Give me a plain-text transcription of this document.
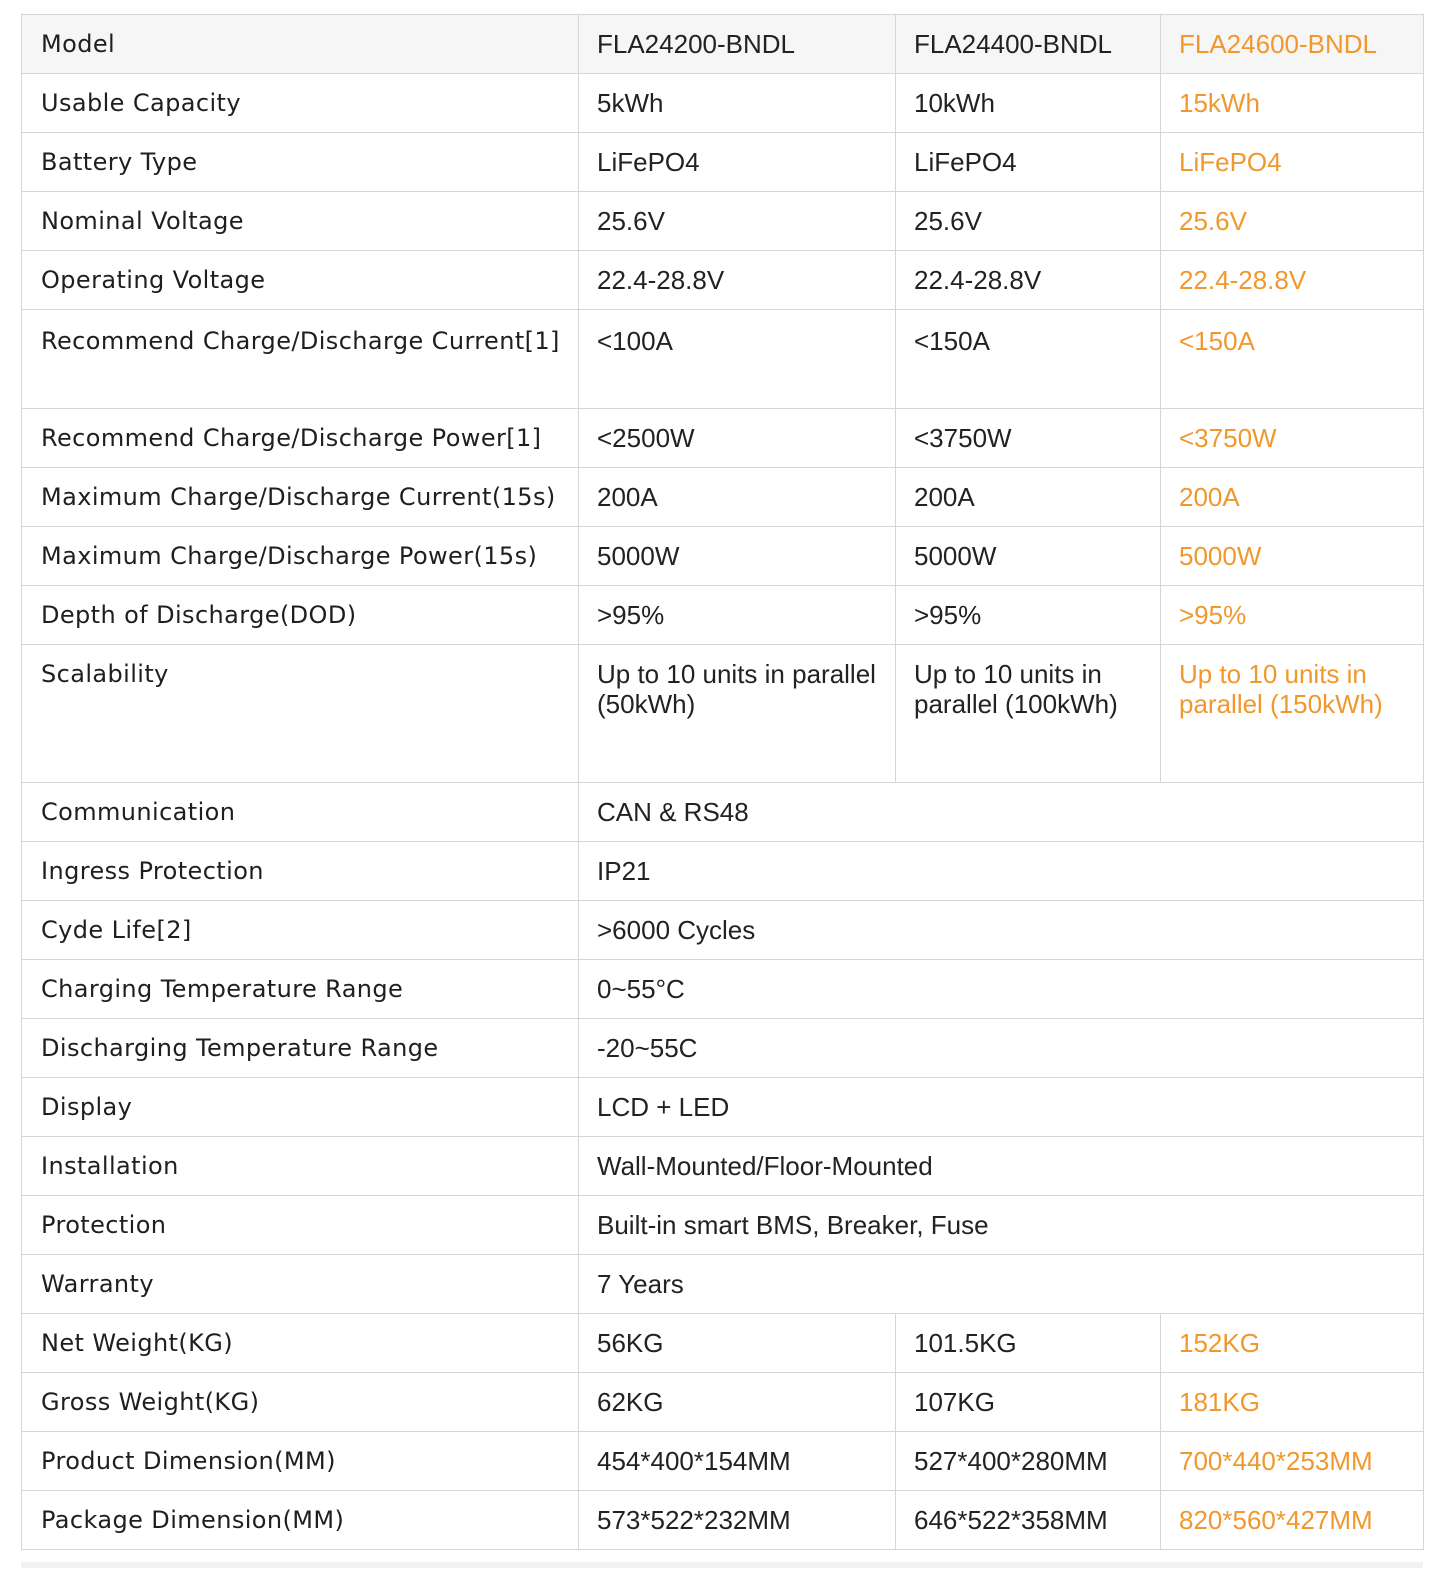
Model	FLA24200-BNDL	FLA24400-BNDL	FLA24600-BNDL
Usable Capacity	5kWh	10kWh	15kWh
Battery Type	LiFePO4	LiFePO4	LiFePO4
Nominal Voltage	25.6V	25.6V	25.6V
Operating Voltage	22.4-28.8V	22.4-28.8V	22.4-28.8V
Recommend Charge/Discharge Current[1]	<100A	<150A	<150A
Recommend Charge/Discharge Power[1]	<2500W	<3750W	<3750W
Maximum Charge/Discharge Current(15s)	200A	200A	200A
Maximum Charge/Discharge Power(15s)	5000W	5000W	5000W
Depth of Discharge(DOD)	>95%	>95%	>95%
Scalability	Up to 10 units in parallel (50kWh)	Up to 10 units in parallel (100kWh)	Up to 10 units in parallel (150kWh)
Communication	CAN & RS48		
Ingress Protection	IP21		
Cyde Life[2]	>6000 Cycles		
Charging Temperature Range	0~55°C		
Discharging Temperature Range	-20~55C		
Display	LCD + LED		
Installation	Wall-Mounted/Floor-Mounted		
Protection	Built-in smart BMS, Breaker, Fuse		
Warranty	7 Years		
Net Weight(KG)	56KG	101.5KG	152KG
Gross Weight(KG)	62KG	107KG	181KG
Product Dimension(MM)	454*400*154MM	527*400*280MM	700*440*253MM
Package Dimension(MM)	573*522*232MM	646*522*358MM	820*560*427MM
